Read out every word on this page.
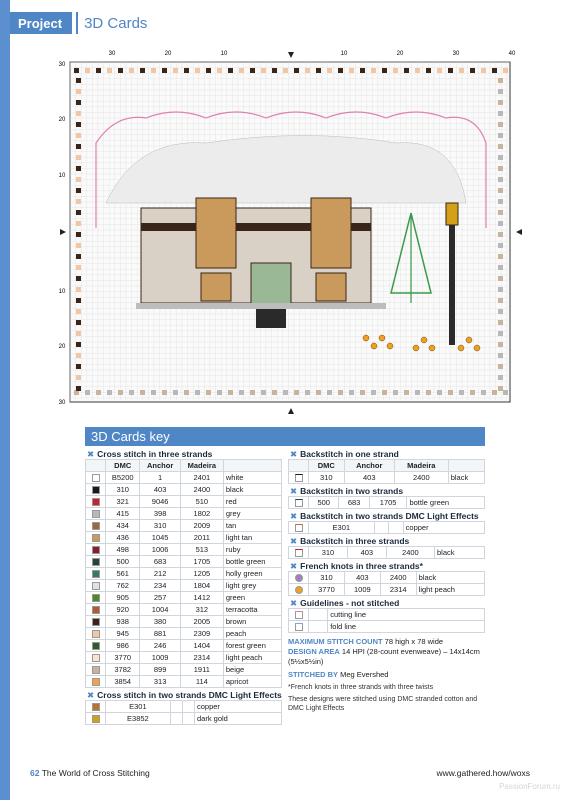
Project	3D Cards
30	20	10	10	20	30	40
30
20
10
10
20
30
3D Cards key
✖ Cross stitch in three strands
	DMC	Anchor	Madeira	
	B5200	1	2401	white
	310	403	2400	black
	321	9046	510	red
	415	398	1802	grey
	434	310	2009	tan
	436	1045	2011	light tan
	498	1006	513	ruby
	500	683	1705	bottle green
	561	212	1205	holly green
	762	234	1804	light grey
	905	257	1412	green
	920	1004	312	terracotta
	938	380	2005	brown
	945	881	2309	peach
	986	246	1404	forest green
	3770	1009	2314	light peach
	3782	899	1911	beige
	3854	313	114	apricot
✖ Cross stitch in two strands DMC Light Effects
	E301			copper
	E3852			dark gold
✖ Backstitch in one strand
	DMC	Anchor	Madeira	
	310	403	2400	black
✖ Backstitch in two strands
	500	683	1705	bottle green
✖ Backstitch in two strands DMC Light Effects
	E301			copper
✖ Backstitch in three strands
	310	403	2400	black
✖ French knots in three strands*
	310	403	2400	black
	3770	1009	2314	light peach
✖ Guidelines - not stitched
		cutting line
		fold line
MAXIMUM STITCH COUNT 78 high x 78 wide
DESIGN AREA 14 HPI (28-count evenweave) – 14x14cm (5½x5½in)
STITCHED BY Meg Evershed
*French knots in three strands with three twists
These designs were stitched using DMC stranded cotton and DMC Light Effects
62 The World of Cross Stitching	www.gathered.how/woxs
PassionForum.ru
